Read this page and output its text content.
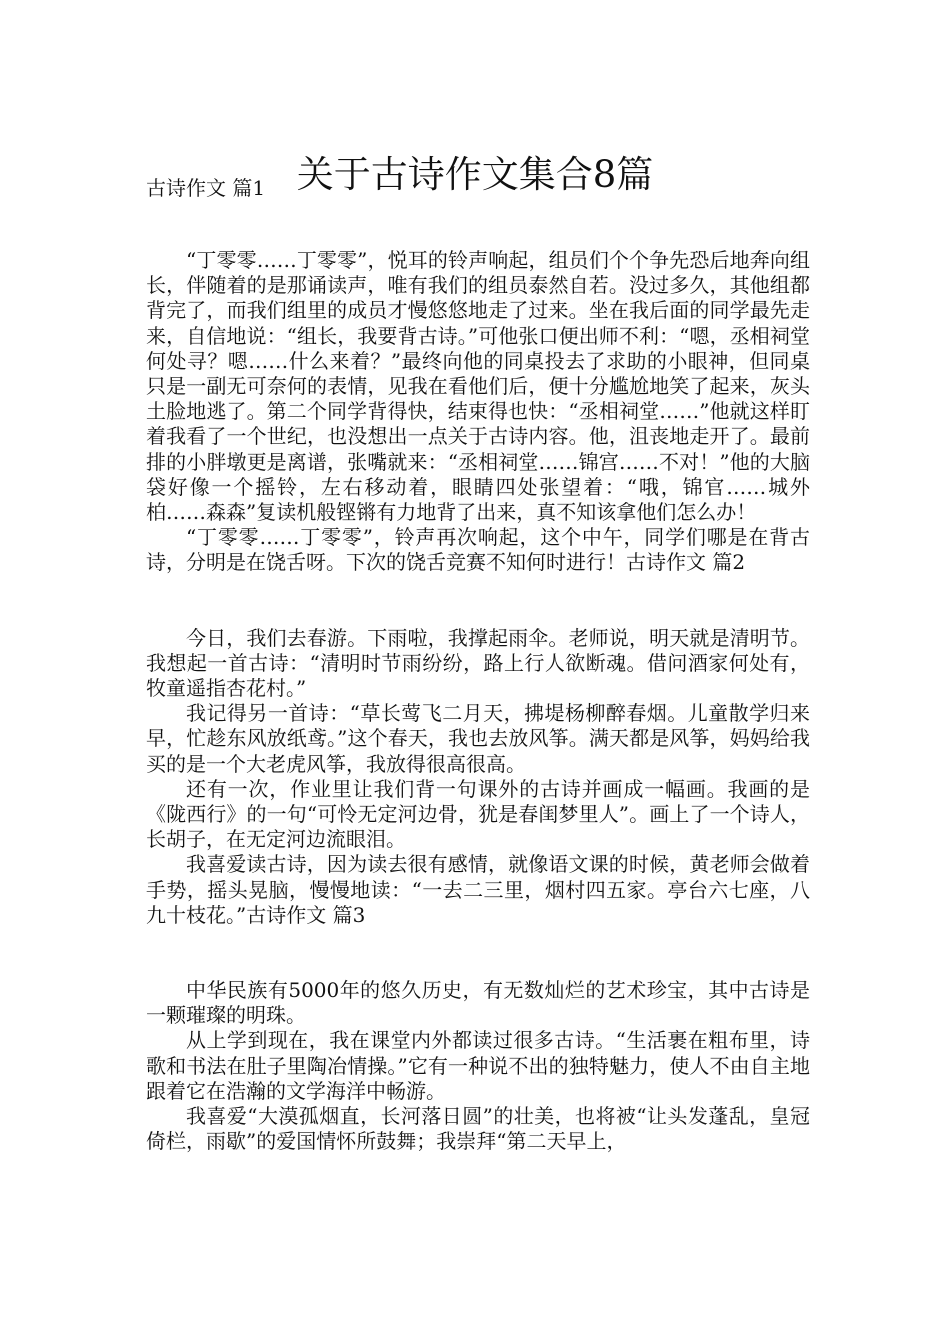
关于古诗作文集合8篇
古诗作文 篇1

“丁零零……丁零零”，悦耳的铃声响起，组员们个个争先恐后地奔向组长，伴随着的是那诵读声，唯有我们的组员泰然自若。没过多久，其他组都背完了，而我们组里的成员才慢悠悠地走了过来。坐在我后面的同学最先走来，自信地说：“组长，我要背古诗。”可他张口便出师不利：“嗯，丞相祠堂何处寻？嗯……什么来着？”最终向他的同桌投去了求助的小眼神，但同桌只是一副无可奈何的表情，见我在看他们后，便十分尴尬地笑了起来，灰头土脸地逃了。第二个同学背得快，结束得也快：“丞相祠堂……”他就这样盯着我看了一个世纪，也没想出一点关于古诗内容。他，沮丧地走开了。最前排的小胖墩更是离谱，张嘴就来：“丞相祠堂……锦宫……不对！”他的大脑袋好像一个摇铃，左右移动着，眼睛四处张望着：“哦，锦官……城外柏……森森”复读机般铿锵有力地背了出来，真不知该拿他们怎么办！

“丁零零……丁零零”，铃声再次响起，这个中午，同学们哪是在背古诗，分明是在饶舌呀。下次的饶舌竞赛不知何时进行！古诗作文 篇2

今日，我们去春游。下雨啦，我撑起雨伞。老师说，明天就是清明节。我想起一首古诗：“清明时节雨纷纷，路上行人欲断魂。借问酒家何处有，牧童遥指杏花村。”

我记得另一首诗：“草长莺飞二月天，拂堤杨柳醉春烟。儿童散学归来早，忙趁东风放纸鸢。”这个春天，我也去放风筝。满天都是风筝，妈妈给我买的是一个大老虎风筝，我放得很高很高。

还有一次，作业里让我们背一句课外的古诗并画成一幅画。我画的是《陇西行》的一句“可怜无定河边骨，犹是春闺梦里人”。画上了一个诗人，长胡子，在无定河边流眼泪。

我喜爱读古诗，因为读去很有感情，就像语文课的时候，黄老师会做着手势，摇头晃脑，慢慢地读：“一去二三里，烟村四五家。亭台六七座，八九十枝花。”古诗作文 篇3

中华民族有5000年的悠久历史，有无数灿烂的艺术珍宝，其中古诗是一颗璀璨的明珠。

从上学到现在，我在课堂内外都读过很多古诗。“生活裹在粗布里，诗歌和书法在肚子里陶冶情操。”它有一种说不出的独特魅力，使人不由自主地跟着它在浩瀚的文学海洋中畅游。

我喜爱“大漠孤烟直，长河落日圆”的壮美，也将被“让头发蓬乱，皇冠倚栏，雨歇”的爱国情怀所鼓舞；我崇拜“第二天早上，
